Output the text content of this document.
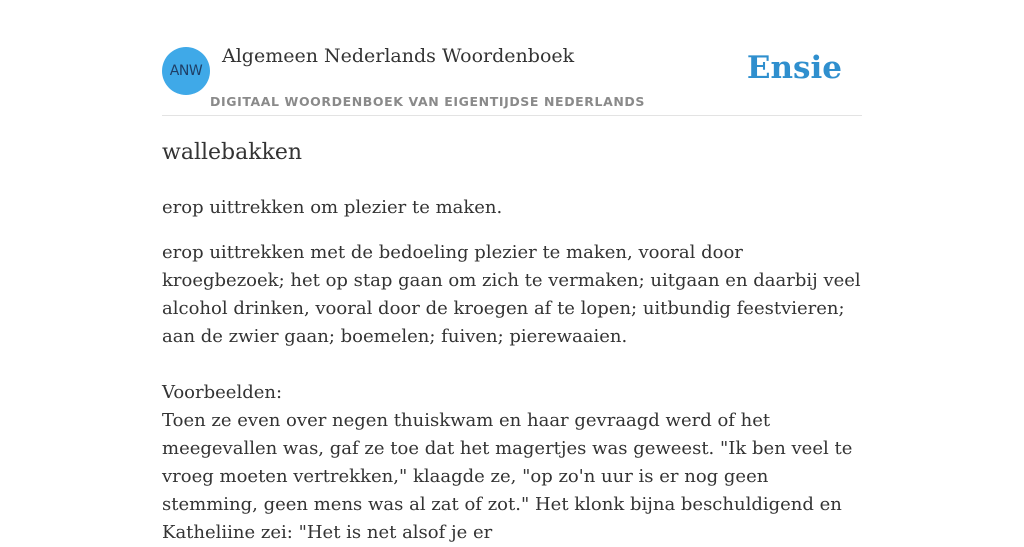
ANW
Algemeen Nederlands Woordenboek
DIGITAAL WOORDENBOEK VAN EIGENTIJDSE NEDERLANDS
Ensie
wallebakken
erop uittrekken om plezier te maken.

erop uittrekken met de bedoeling plezier te maken, vooral door kroegbezoek; het op stap gaan om zich te vermaken; uitgaan en daarbij veel alcohol drinken, vooral door de kroegen af te lopen; uitbundig feestvieren; aan de zwier gaan; boemelen; fuiven; pierewaaien.

Voorbeelden:

Toen ze even over negen thuiskwam en haar gevraagd werd of het meegevallen was, gaf ze toe dat het magertjes was geweest. "Ik ben veel te vroeg moeten vertrekken," klaagde ze, "op zo'n uur is er nog geen stemming, geen mens was al zat of zot." Het klonk bijna beschuldigend en Katheliine zei: "Het is net alsof je er
